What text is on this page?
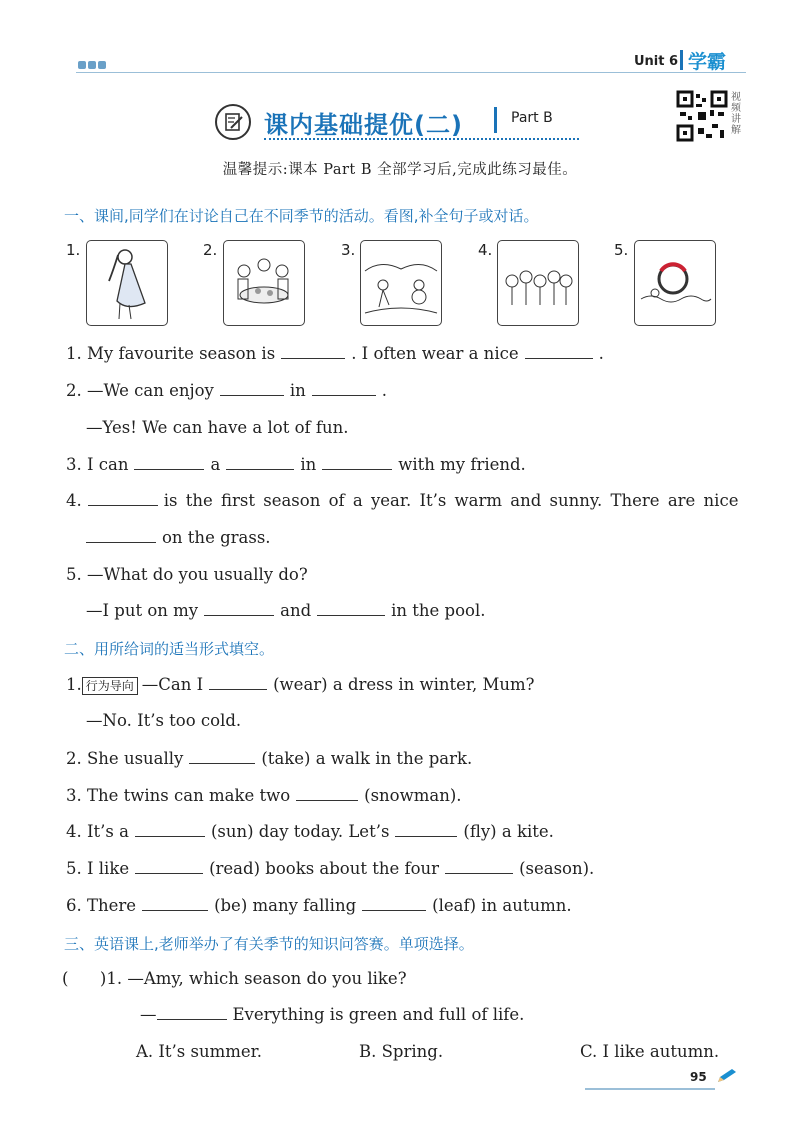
Unit 6 学霸
课内基础提优(二)	Part B
视频讲解
温馨提示:课本 Part B 全部学习后,完成此练习最佳。
一、课间,同学们在讨论自己在不同季节的活动。看图,补全句子或对话。
1.	2.	3.	4.	5.
1. My favourite season is	. I often wear a nice	.
2. —We can enjoy	in	.
—Yes! We can have a lot of fun.
3. I can	a	in	with my friend.
4.	is the first season of a year. It’s warm and sunny. There are nice
on the grass.
5. —What do you usually do?
—I put on my	and	in the pool.
二、用所给词的适当形式填空。
1. 行为导向 —Can I	(wear) a dress in winter, Mum?
—No. It’s too cold.
2. She usually	(take) a walk in the park.
3. The twins can make two	(snowman).
4. It’s a	(sun) day today. Let’s	(fly) a kite.
5. I like	(read) books about the four	(season).
6. There	(be) many falling	(leaf) in autumn.
三、英语课上,老师举办了有关季节的知识问答赛。单项选择。
(      )1. —Amy, which season do you like?
—	Everything is green and full of life.
A. It’s summer.	B. Spring.	C. I like autumn.
95
